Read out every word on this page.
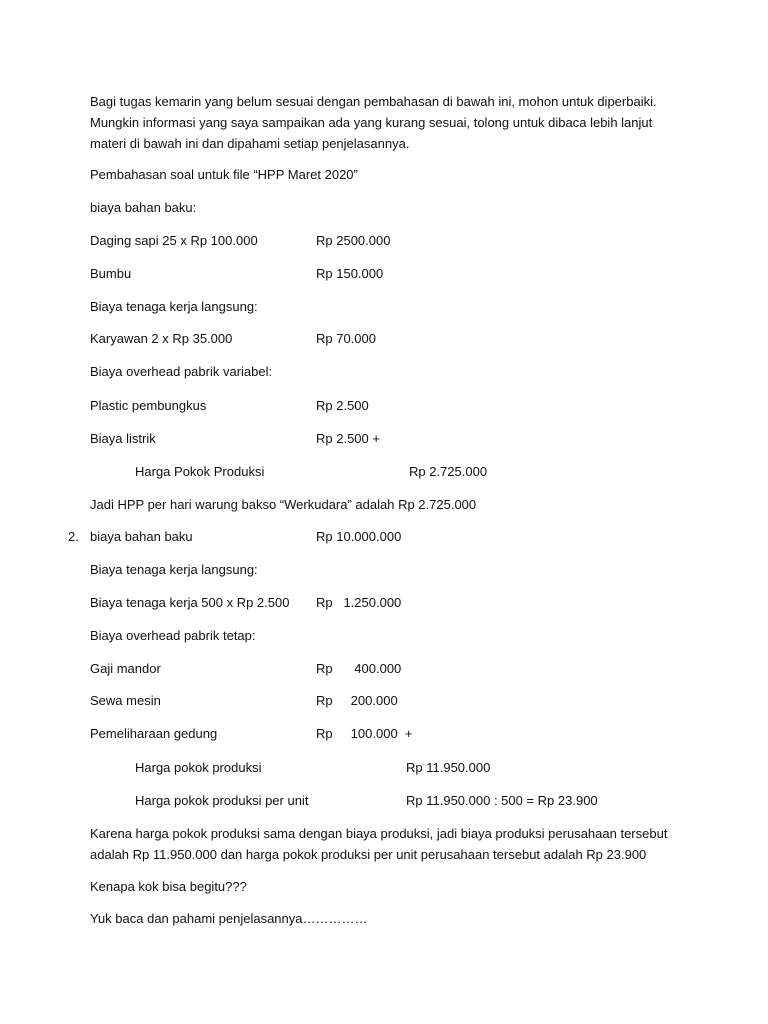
Bagi tugas kemarin yang belum sesuai dengan pembahasan di bawah ini, mohon untuk diperbaiki. Mungkin informasi yang saya sampaikan ada yang kurang sesuai, tolong untuk dibaca lebih lanjut materi di bawah ini dan dipahami setiap penjelasannya.

Pembahasan soal untuk file “HPP Maret 2020”
biaya bahan baku:
Daging sapi 25 x Rp 100.000	Rp 2500.000
Bumbu	Rp 150.000
Biaya tenaga kerja langsung:
Karyawan 2 x Rp 35.000	Rp 70.000
Biaya overhead pabrik variabel:
Plastic pembungkus	Rp 2.500
Biaya listrik	Rp 2.500 +
Harga Pokok Produksi	Rp 2.725.000
Jadi HPP per hari warung bakso “Werkudara” adalah Rp 2.725.000
2. biaya bahan baku	Rp 10.000.000
Biaya tenaga kerja langsung:
Biaya tenaga kerja 500 x Rp 2.500 Rp   1.250.000
Biaya overhead pabrik tetap:
Gaji mandor	Rp      400.000
Sewa mesin	Rp     200.000
Pemeliharaan gedung	Rp     100.000  +
Harga pokok produksi	Rp 11.950.000
Harga pokok produksi per unit	Rp 11.950.000 : 500 = Rp 23.900

Karena harga pokok produksi sama dengan biaya produksi, jadi biaya produksi perusahaan tersebut adalah Rp 11.950.000 dan harga pokok produksi per unit perusahaan tersebut adalah Rp 23.900

Kenapa kok bisa begitu???
Yuk baca dan pahami penjelasannya……………
